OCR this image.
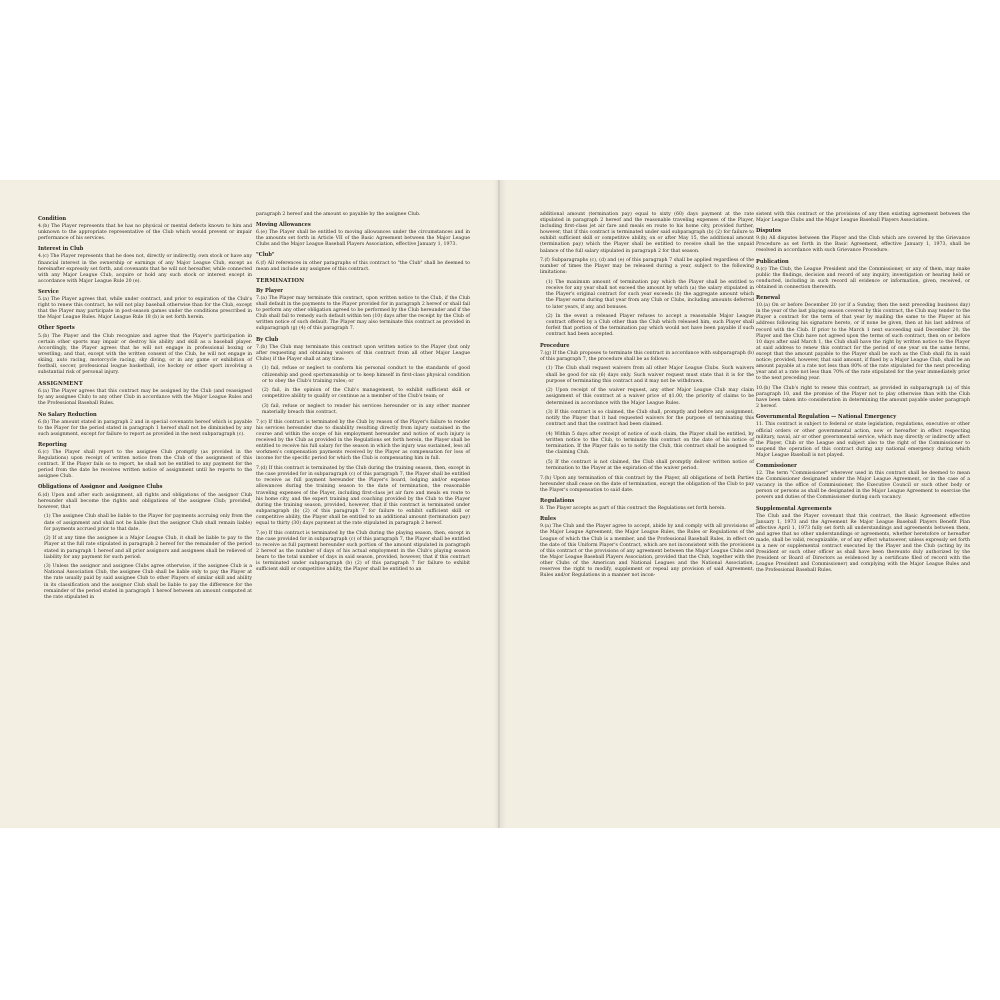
Condition

4.(b) The Player represents that he has no physical or mental defects known to him and unknown to the appropriate representative of the Club which would prevent or impair performance of his services.

Interest in Club

4.(c) The Player represents that he does not, directly or indirectly, own stock or have any financial interest in the ownership or earnings of any Major League Club, except as hereinafter expressly set forth, and covenants that he will not hereafter, while connected with any Major League Club, acquire or hold any such stock or interest except in accordance with Major League Rule 20 (e).

Service

5.(a) The Player agrees that, while under contract, and prior to expiration of the Club's right to renew this contract, he will not play baseball otherwise than for the Club, except that the Player may participate in post-season games under the conditions prescribed in the Major League Rules. Major League Rule 18 (b) is set forth herein.

Other Sports

5.(b) The Player and the Club recognize and agree that the Player's participation in certain other sports may impair or destroy his ability and skill as a baseball player. Accordingly, the Player agrees that he will not engage in professional boxing or wrestling; and that, except with the written consent of the Club, he will not engage in skiing, auto racing, motorcycle racing, sky diving, or in any game or exhibition of football, soccer, professional league basketball, ice hockey or other sport involving a substantial risk of personal injury.

ASSIGNMENT

6.(a) The Player agrees that this contract may be assigned by the Club (and reassigned by any assignee Club) to any other Club in accordance with the Major League Rules and the Professional Baseball Rules.

No Salary Reduction

6.(b) The amount stated in paragraph 2 and in special covenants hereof which is payable to the Player for the period stated in paragraph 1 hereof shall not be diminished by any such assignment, except for failure to report as provided in the next subparagraph (c).

Reporting

6.(c) The Player shall report to the assignee Club promptly (as provided in the Regulations) upon receipt of written notice from the Club of the assignment of this contract. If the Player fails so to report, he shall not be entitled to any payment for the period from the date he receives written notice of assignment until he reports to the assignee Club.

Obligations of Assignor and Assignee Clubs

6.(d) Upon and after such assignment, all rights and obligations of the assignor Club hereunder shall become the rights and obligations of the assignee Club; provided, however, that

(1) The assignee Club shall be liable to the Player for payments accruing only from the date of assignment and shall not be liable (but the assignor Club shall remain liable) for payments accrued prior to that date.

(2) If at any time the assignee is a Major League Club, it shall be liable to pay to the Player at the full rate stipulated in paragraph 2 hereof for the remainder of the period stated in paragraph 1 hereof and all prior assignors and assignees shall be relieved of liability for any payment for such period.

(3) Unless the assignor and assignee Clubs agree otherwise, if the assignee Club is a National Association Club, the assignee Club shall be liable only to pay the Player at the rate usually paid by said assignee Club to other Players of similar skill and ability in its classification and the assignor Club shall be liable to pay the difference for the remainder of the period stated in paragraph 1 hereof between an amount computed at the rate stipulated in

paragraph 2 hereof and the amount so payable by the assignee Club.

Moving Allowances

6.(e) The Player shall be entitled to moving allowances under the circumstances and in the amounts set forth in Article VII of the Basic Agreement between the Major League Clubs and the Major League Baseball Players Association, effective January 1, 1973.

"Club"

6.(f) All references in other paragraphs of this contract to "the Club" shall be deemed to mean and include any assignee of this contract.

TERMINATION
By Player

7.(a) The Player may terminate this contract, upon written notice to the Club, if the Club shall default in the payments to the Player provided for in paragraph 2 hereof or shall fail to perform any other obligation agreed to be performed by the Club hereunder and if the Club shall fail to remedy such default within ten (10) days after the receipt by the Club of written notice of such default. The Player may also terminate this contract as provided in subparagraph (g) (4) of this paragraph 7.

By Club

7.(b) The Club may terminate this contract upon written notice to the Player (but only after requesting and obtaining waivers of this contract from all other Major League Clubs) if the Player shall at any time:

(1) fail, refuse or neglect to conform his personal conduct to the standards of good citizenship and good sportsmanship or to keep himself in first-class physical condition or to obey the Club's training rules; or

(2) fail, in the opinion of the Club's management, to exhibit sufficient skill or competitive ability to qualify or continue as a member of the Club's team; or

(3) fail, refuse or neglect to render his services hereunder or in any other manner materially breach this contract.

7.(c) If this contract is terminated by the Club by reason of the Player's failure to render his services hereunder due to disability resulting directly from injury sustained in the course and within the scope of his employment hereunder and notice of such injury is received by the Club as provided in the Regulations set forth herein, the Player shall be entitled to receive his full salary for the season in which the injury was sustained, less all workmen's compensation payments received by the Player as compensation for loss of income for the specific period for which the Club is compensating him in full.

7.(d) If this contract is terminated by the Club during the training season, then, except in the case provided for in subparagraph (c) of this paragraph 7, the Player shall be entitled to receive as full payment hereunder the Player's board, lodging and/or expense allowances during the training season to the date of termination, the reasonable traveling expenses of the Player, including first-class jet air fare and meals en route to his home city, and the expert training and coaching provided by the Club to the Player during the training season, provided, however, that if this contract is terminated under subparagraph (b) (2) of this paragraph 7 for failure to exhibit sufficient skill or competitive ability, the Player shall be entitled to an additional amount (termination pay) equal to thirty (30) days payment at the rate stipulated in paragraph 2 hereof.

7.(e) If this contract is terminated by the Club during the playing season, then, except in the case provided for in subparagraph (c) of this paragraph 7, the Player shall be entitled to receive as full payment hereunder such portion of the amount stipulated in paragraph 2 hereof as the number of days of his actual employment in the Club's playing season bears to the total number of days in said season, provided, however, that if this contract is terminated under subparagraph (b) (2) of this paragraph 7 for failure to exhibit sufficient skill or competitive ability, the Player shall be entitled to an

additional amount (termination pay) equal to sixty (60) days payment at the rate stipulated in paragraph 2 hereof and the reasonable traveling expenses of the Player, including first-class jet air fare and meals en route to his home city, provided further, however, that if this contract is terminated under said subparagraph (b) (2) for failure to exhibit sufficient skill or competitive ability, on or after May 15, the additional amount (termination pay) which the Player shall be entitled to receive shall be the unpaid balance of the full salary stipulated in paragraph 2 for that season.

7.(f) Subparagraphs (c), (d) and (e) of this paragraph 7 shall be applied regardless of the number of times the Player may be released during a year, subject to the following limitations:

(1) The maximum amount of termination pay which the Player shall be entitled to receive for any year shall not exceed the amount by which (a) the salary stipulated in the Player's original contract for such year exceeds (b) the aggregate amount which the Player earns during that year from any Club or Clubs, including amounts deferred to later years, if any, and bonuses.

(2) In the event a released Player refuses to accept a reasonable Major League contract offered by a Club other than the Club which released him, such Player shall forfeit that portion of the termination pay which would not have been payable if such contract had been accepted.

Procedure

7.(g) If the Club proposes to terminate this contract in accordance with subparagraph (b) of this paragraph 7, the procedure shall be as follows:

(1) The Club shall request waivers from all other Major League Clubs. Such waivers shall be good for six (6) days only. Such waiver request must state that it is for the purpose of terminating this contract and it may not be withdrawn.

(2) Upon receipt of the waiver request, any other Major League Club may claim assignment of this contract at a waiver price of $1.00, the priority of claims to be determined in accordance with the Major League Rules.

(3) If this contract is so claimed, the Club shall, promptly and before any assignment, notify the Player that it had requested waivers for the purpose of terminating this contract and that the contract had been claimed.

(4) Within 5 days after receipt of notice of such claim, the Player shall be entitled, by written notice to the Club, to terminate this contract on the date of his notice of termination. If the Player fails so to notify the Club, this contract shall be assigned to the claiming Club.

(5) If the contract is not claimed, the Club shall promptly deliver written notice of termination to the Player at the expiration of the waiver period.

7.(h) Upon any termination of this contract by the Player, all obligations of both Parties hereunder shall cease on the date of termination, except the obligation of the Club to pay the Player's compensation to said date.

Regulations

8. The Player accepts as part of this contract the Regulations set forth herein.

Rules

9.(a) The Club and the Player agree to accept, abide by and comply with all provisions of the Major League Agreement, the Major League Rules, the Rules or Regulations of the League of which the Club is a member, and the Professional Baseball Rules, in effect on the date of this Uniform Player's Contract, which are not inconsistent with the provisions of this contract or the provisions of any agreement between the Major League Clubs and the Major League Baseball Players Association, provided that the Club, together with the other Clubs of the American and National Leagues and the National Association, reserves the right to modify, supplement or repeal any provision of said Agreement, Rules and/or Regulations in a manner not incon-

sistent with this contract or the provisions of any then existing agreement between the Major League Clubs and the Major League Baseball Players Association.

Disputes

9.(b) All disputes between the Player and the Club which are covered by the Grievance Procedure as set forth in the Basic Agreement, effective January 1, 1973, shall be resolved in accordance with such Grievance Procedure.

Publication

9.(c) The Club, the League President and the Commissioner, or any of them, may make public the findings, decision and record of any inquiry, investigation or hearing held or conducted, including in such record all evidence or information, given, received, or obtained in connection therewith.

Renewal

10.(a) On or before December 20 (or if a Sunday, then the next preceding business day) in the year of the last playing season covered by this contract, the Club may tender to the Player a contract for the term of that year by mailing the same to the Player at his address following his signature hereto, or if none be given, then at his last address of record with the Club. If prior to the March 1 next succeeding said December 20, the Player and the Club have not agreed upon the terms of such contract, then on or before 10 days after said March 1, the Club shall have the right by written notice to the Player at said address to renew this contract for the period of one year on the same terms, except that the amount payable to the Player shall be such as the Club shall fix in said notice; provided, however, that said amount, if fixed by a Major League Club, shall be an amount payable at a rate not less than 80% of the rate stipulated for the next preceding year and at a rate not less than 70% of the rate stipulated for the year immediately prior to the next preceding year.

10.(b) The Club's right to renew this contract, as provided in subparagraph (a) of this paragraph 10, and the promise of the Player not to play otherwise than with the Club have been taken into consideration in determining the amount payable under paragraph 2 hereof.

Governmental Regulation — National Emergency

11. This contract is subject to federal or state legislation, regulations, executive or other official orders or other governmental action, now or hereafter in effect respecting military, naval, air or other governmental service, which may directly or indirectly affect the Player, Club or the League and subject also to the right of the Commissioner to suspend the operation of this contract during any national emergency during which Major League Baseball is not played.

Commissioner

12. The term "Commissioner" wherever used in this contract shall be deemed to mean the Commissioner designated under the Major League Agreement, or in the case of a vacancy in the office of Commissioner, the Executive Council or such other body or person or persons as shall be designated in the Major League Agreement to exercise the powers and duties of the Commissioner during such vacancy.

Supplemental Agreements

The Club and the Player covenant that this contract, the Basic Agreement effective January 1, 1973 and the Agreement Re Major League Baseball Players Benefit Plan effective April 1, 1973 fully set forth all understandings and agreements between them, and agree that no other understandings or agreements, whether heretofore or hereafter made, shall be valid, recognizable, or of any effect whatsoever, unless expressly set forth in a new or supplemental contract executed by the Player and the Club (acting by its President or such other officer as shall have been thereunto duly authorized by the President or Board of Directors as evidenced by a certificate filed of record with the League President and Commissioner) and complying with the Major League Rules and the Professional Baseball Rules.
